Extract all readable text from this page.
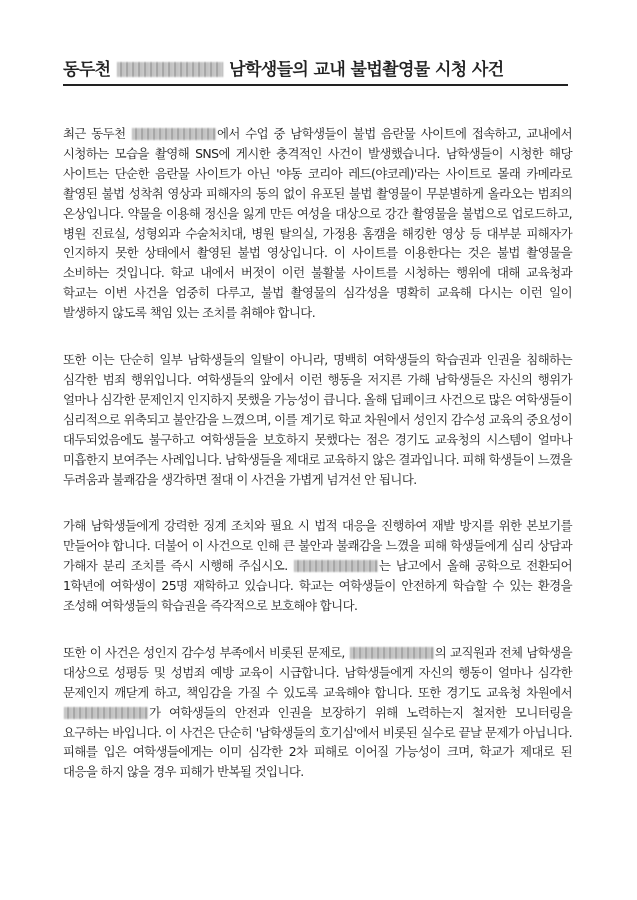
동두천	남학생들의 교내 불법촬영물 시청 사건

최근 동두천	에서 수업 중 남학생들이 불법 음란물 사이트에 접속하고, 교내에서 시청하는 모습을 촬영해 SNS에 게시한 충격적인 사건이 발생했습니다. 남학생들이 시청한 해당 사이트는 단순한 음란물 사이트가 아닌 '야동 코리아 레드(야코레)'라는 사이트로 몰래 카메라로 촬영된 불법 성착취 영상과 피해자의 동의 없이 유포된 불법 촬영물이 무분별하게 올라오는 범죄의 온상입니다. 약물을 이용해 정신을 잃게 만든 여성을 대상으로 강간 촬영물을 불법으로 업로드하고, 병원 진료실, 성형외과 수술처치대, 병원 탈의실, 가정용 홈캠을 해킹한 영상 등 대부분 피해자가 인지하지 못한 상태에서 촬영된 불법 영상입니다. 이 사이트를 이용한다는 것은 불법 촬영물을 소비하는 것입니다. 학교 내에서 버젓이 이런 불활불 사이트를 시청하는 행위에 대해 교육청과 학교는 이번 사건을 엄중히 다루고, 불법 촬영물의 심각성을 명확히 교육해 다시는 이런 일이 발생하지 않도록 책임 있는 조치를 취해야 합니다.

또한 이는 단순히 일부 남학생들의 일탈이 아니라, 명백히 여학생들의 학습권과 인권을 침해하는 심각한 범죄 행위입니다. 여학생들의 앞에서 이런 행동을 저지른 가해 남학생들은 자신의 행위가 얼마나 심각한 문제인지 인지하지 못했을 가능성이 큽니다. 올해 딥페이크 사건으로 많은 여학생들이 심리적으로 위축되고 불안감을 느꼈으며, 이를 계기로 학교 차원에서 성인지 감수성 교육의 중요성이 대두되었음에도 불구하고 여학생들을 보호하지 못했다는 점은 경기도 교육청의 시스템이 얼마나 미흡한지 보여주는 사례입니다. 남학생들을 제대로 교육하지 않은 결과입니다. 피해 학생들이 느꼈을 두려움과 불쾌감을 생각하면 절대 이 사건을 가볍게 넘겨선 안 됩니다.

가해 남학생들에게 강력한 징계 조치와 필요 시 법적 대응을 진행하여 재발 방지를 위한 본보기를 만들어야 합니다. 더불어 이 사건으로 인해 큰 불안과 불쾌감을 느꼈을 피해 학생들에게 심리 상담과 가해자 분리 조치를 즉시 시행해 주십시오.	는 남고에서 올해 공학으로 전환되어 1학년에 여학생이 25명 재학하고 있습니다. 학교는 여학생들이 안전하게 학습할 수 있는 환경을 조성해 여학생들의 학습권을 즉각적으로 보호해야 합니다.

또한 이 사건은 성인지 감수성 부족에서 비롯된 문제로,	의 교직원과 전체 남학생을 대상으로 성평등 및 성범죄 예방 교육이 시급합니다. 남학생들에게 자신의 행동이 얼마나 심각한 문제인지 깨닫게 하고, 책임감을 가질 수 있도록 교육해야 합니다. 또한 경기도 교육청 차원에서 가 여학생들의 안전과 인권을 보장하기 위해 노력하는지 철저한 모니터링을 요구하는 바입니다. 이 사건은 단순히 '남학생들의 호기심'에서 비롯된 실수로 끝날 문제가 아닙니다. 피해를 입은 여학생들에게는 이미 심각한 2차 피해로 이어질 가능성이 크며, 학교가 제대로 된 대응을 하지 않을 경우 피해가 반복될 것입니다.
